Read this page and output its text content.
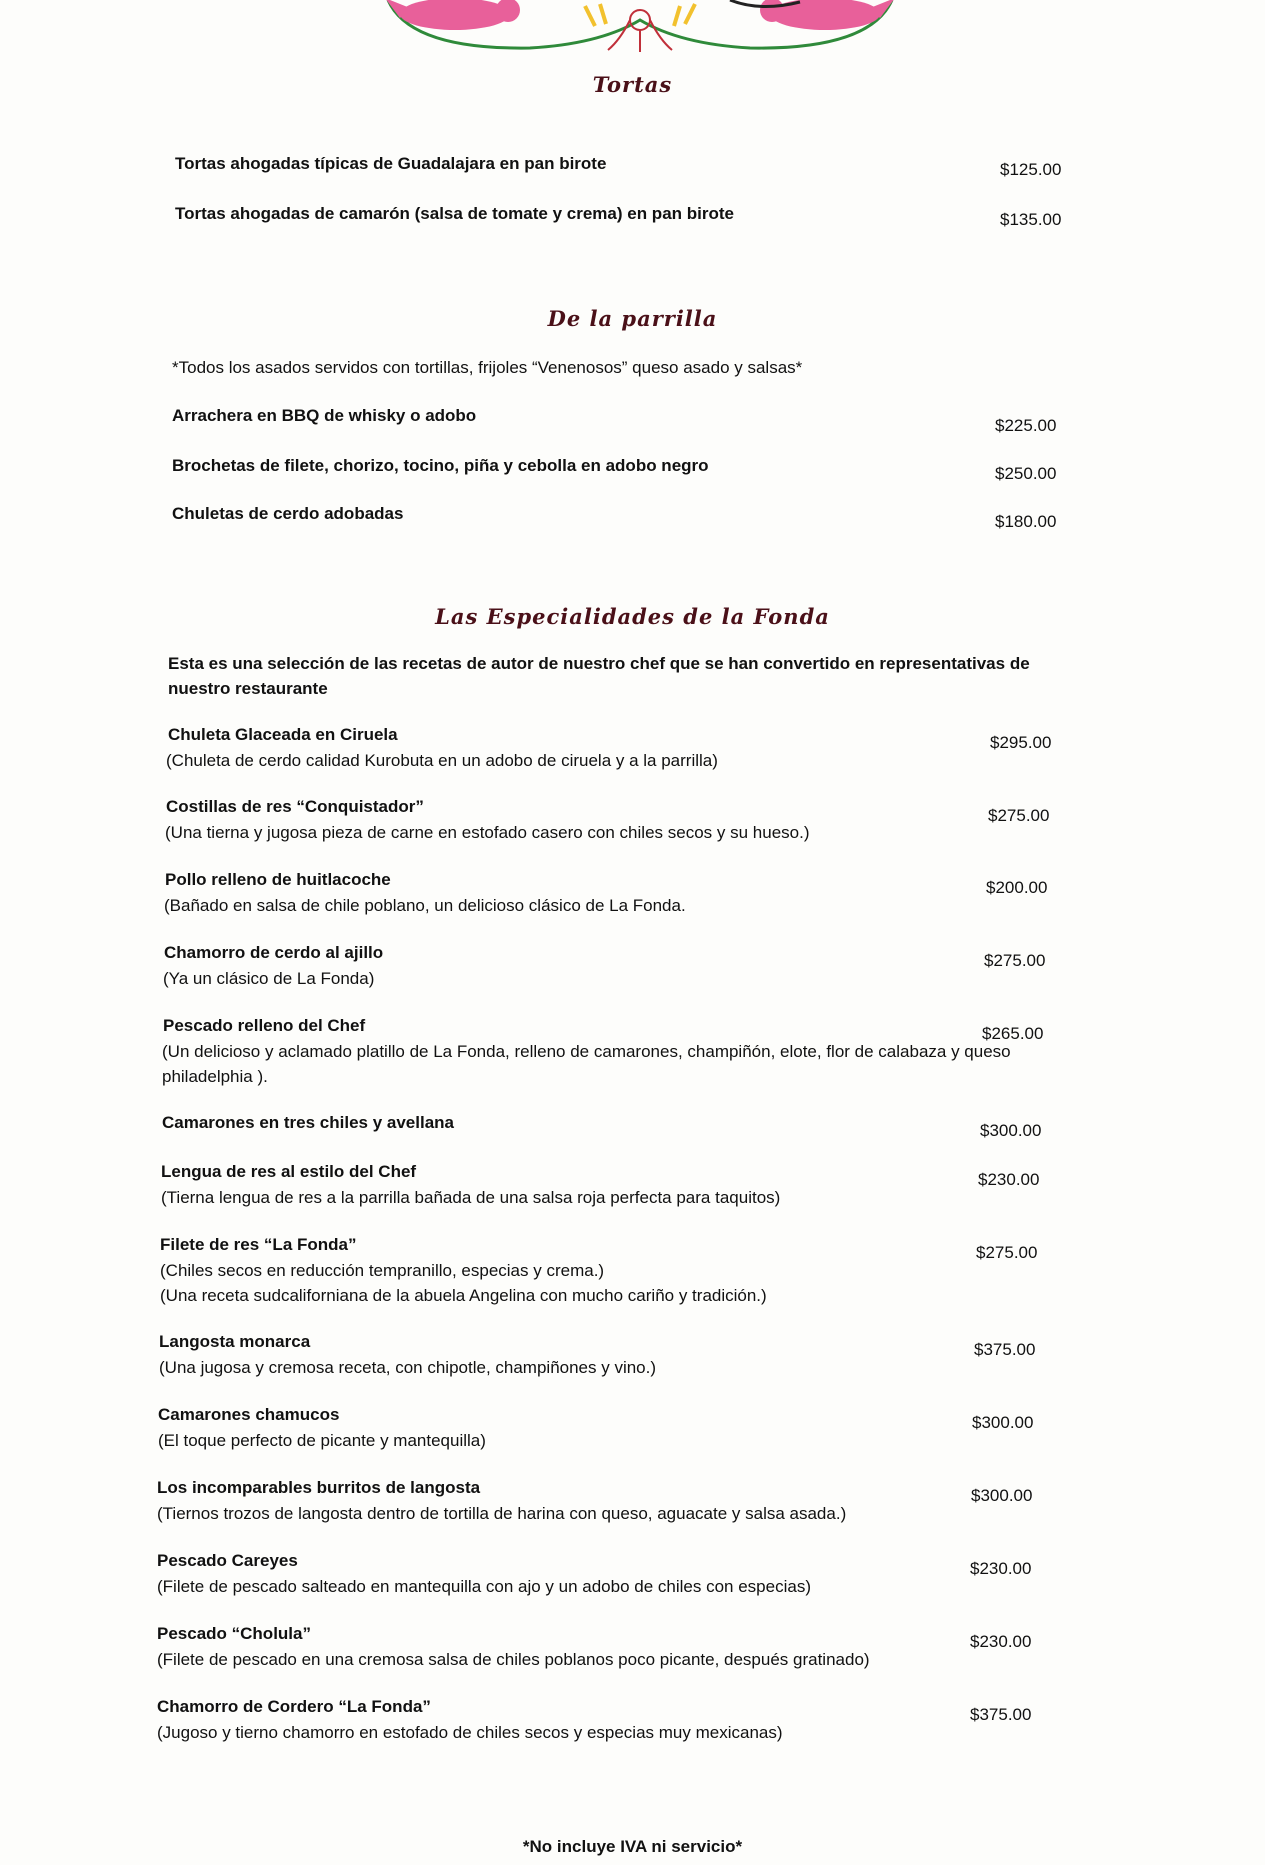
Tortas
Tortas ahogadas típicas de Guadalajara en pan birote	$125.00
Tortas ahogadas de camarón (salsa de tomate y crema) en pan birote	$135.00
De la parrilla
*Todos los asados servidos con tortillas, frijoles “Venenosos” queso asado y salsas*
Arrachera en BBQ de whisky o adobo
$225.00
Brochetas de filete, chorizo, tocino, piña y cebolla en adobo negro	$250.00
Chuletas de cerdo adobadas	$180.00
Las Especialidades de la Fonda
Esta es una selección de las recetas de autor de nuestro chef que se han convertido en representativas de nuestro restaurante
Chuleta Glaceada en Ciruela
(Chuleta de cerdo calidad Kurobuta en un adobo de ciruela y a la parrilla)
$295.00
Costillas de res “Conquistador”
(Una tierna y jugosa pieza de carne en estofado casero con chiles secos y su hueso.)
$275.00
Pollo relleno de huitlacoche
(Bañado en salsa de chile poblano, un delicioso clásico de La Fonda.
$200.00
Chamorro de cerdo al ajillo
(Ya un clásico de La Fonda)
$275.00
Pescado relleno del Chef
(Un delicioso y aclamado platillo de La Fonda, relleno de camarones, champiñón, elote, flor de calabaza y queso philadelphia ).
$265.00
Camarones en tres chiles y avellana	$300.00
Lengua de res al estilo del Chef
(Tierna lengua de res a la parrilla bañada de una salsa roja perfecta para taquitos)
$230.00
Filete de res “La Fonda”
(Chiles secos en reducción tempranillo, especias y crema.)
(Una receta sudcaliforniana de la abuela Angelina con mucho cariño y tradición.)
$275.00
Langosta monarca
(Una jugosa y cremosa receta, con chipotle, champiñones y vino.)
$375.00
Camarones chamucos
(El toque perfecto de picante y mantequilla)
$300.00
Los incomparables burritos de langosta
(Tiernos trozos de langosta dentro de tortilla de harina con queso, aguacate y salsa asada.)
$300.00
Pescado Careyes
(Filete de pescado salteado en mantequilla con ajo y un adobo de chiles con especias)
$230.00
Pescado “Cholula”
(Filete de pescado en una cremosa salsa de chiles poblanos poco picante, después gratinado)
$230.00
Chamorro de Cordero “La Fonda”
(Jugoso y tierno chamorro en estofado de chiles secos y especias muy mexicanas)
$375.00
*No incluye IVA ni servicio*
